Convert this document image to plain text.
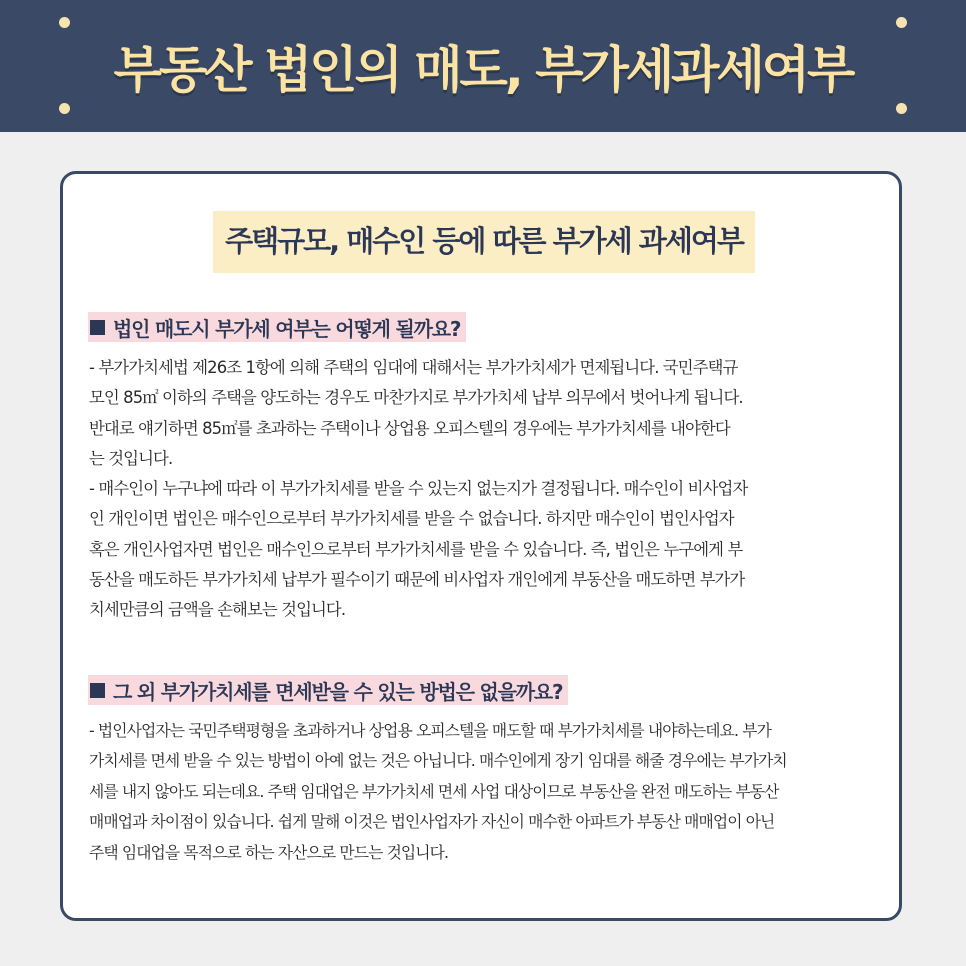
부동산 법인의 매도, 부가세과세여부
주택규모, 매수인 등에 따른 부가세 과세여부
법인 매도시 부가세 여부는 어떻게 될까요?
- 부가가치세법 제26조 1항에 의해 주택의 임대에 대해서는 부가가치세가 면제됩니다. 국민주택규
모인 85㎡ 이하의 주택을 양도하는 경우도 마찬가지로 부가가치세 납부 의무에서 벗어나게 됩니다.
반대로 얘기하면 85㎡를 초과하는 주택이나 상업용 오피스텔의 경우에는 부가가치세를 내야한다
는 것입니다.
- 매수인이 누구냐에 따라 이 부가가치세를 받을 수 있는지 없는지가 결정됩니다. 매수인이 비사업자
인 개인이면 법인은 매수인으로부터 부가가치세를 받을 수 없습니다. 하지만 매수인이 법인사업자
혹은 개인사업자면 법인은 매수인으로부터 부가가치세를 받을 수 있습니다. 즉, 법인은 누구에게 부
동산을 매도하든 부가가치세 납부가 필수이기 때문에 비사업자 개인에게 부동산을 매도하면 부가가
치세만큼의 금액을 손해보는 것입니다.
그 외 부가가치세를 면세받을 수 있는 방법은 없을까요?
- 법인사업자는 국민주택평형을 초과하거나 상업용 오피스텔을 매도할 때 부가가치세를 내야하는데요. 부가
가치세를 면세 받을 수 있는 방법이 아예 없는 것은 아닙니다. 매수인에게 장기 임대를 해줄 경우에는 부가가치
세를 내지 않아도 되는데요. 주택 임대업은 부가가치세 면세 사업 대상이므로 부동산을 완전 매도하는 부동산
매매업과 차이점이 있습니다. 쉽게 말해 이것은 법인사업자가 자신이 매수한 아파트가 부동산 매매업이 아닌
주택 임대업을 목적으로 하는 자산으로 만드는 것입니다.
